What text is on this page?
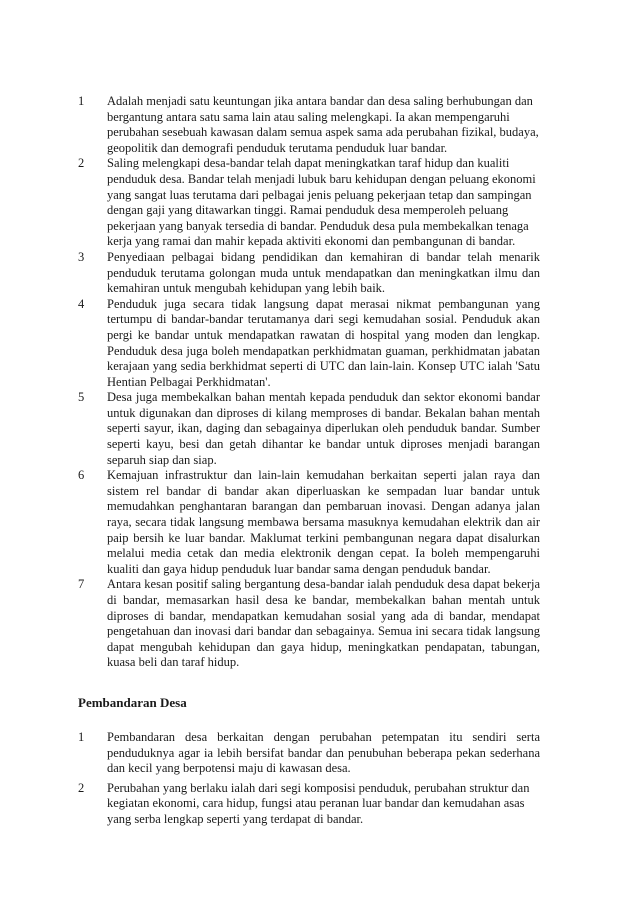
1	Adalah menjadi satu keuntungan jika antara bandar dan desa saling berhubungan dan bergantung antara satu sama lain atau saling melengkapi. Ia akan mempengaruhi perubahan sesebuah kawasan dalam semua aspek sama ada perubahan fizikal, budaya, geopolitik dan demografi penduduk terutama penduduk luar bandar.
2	Saling melengkapi desa-bandar telah dapat meningkatkan taraf hidup dan kualiti penduduk desa. Bandar telah menjadi lubuk baru kehidupan dengan peluang ekonomi yang sangat luas terutama dari pelbagai jenis peluang pekerjaan tetap dan sampingan dengan gaji yang ditawarkan tinggi. Ramai penduduk desa memperoleh peluang pekerjaan yang banyak tersedia di bandar. Penduduk desa pula membekalkan tenaga kerja yang ramai dan mahir kepada aktiviti ekonomi dan pembangunan di bandar.
3	Penyediaan pelbagai bidang pendidikan dan kemahiran di bandar telah menarik penduduk terutama golongan muda untuk mendapatkan dan meningkatkan ilmu dan kemahiran untuk mengubah kehidupan yang lebih baik.
4	Penduduk juga secara tidak langsung dapat merasai nikmat pembangunan yang tertumpu di bandar-bandar terutamanya dari segi kemudahan sosial. Penduduk akan pergi ke bandar untuk mendapatkan rawatan di hospital yang moden dan lengkap. Penduduk desa juga boleh mendapatkan perkhidmatan guaman, perkhidmatan jabatan kerajaan yang sedia berkhidmat seperti di UTC dan lain-lain. Konsep UTC ialah 'Satu Hentian Pelbagai Perkhidmatan'.
5	Desa juga membekalkan bahan mentah kepada penduduk dan sektor ekonomi bandar untuk digunakan dan diproses di kilang memproses di bandar. Bekalan bahan mentah seperti sayur, ikan, daging dan sebagainya diperlukan oleh penduduk bandar. Sumber seperti kayu, besi dan getah dihantar ke bandar untuk diproses menjadi barangan separuh siap dan siap.
6	Kemajuan infrastruktur dan lain-lain kemudahan berkaitan seperti jalan raya dan sistem rel bandar di bandar akan diperluaskan ke sempadan luar bandar untuk memudahkan penghantaran barangan dan pembaruan inovasi. Dengan adanya jalan raya, secara tidak langsung membawa bersama masuknya kemudahan elektrik dan air paip bersih ke luar bandar. Maklumat terkini pembangunan negara dapat disalurkan melalui media cetak dan media elektronik dengan cepat. Ia boleh mempengaruhi kualiti dan gaya hidup penduduk luar bandar sama dengan penduduk bandar.
7	Antara kesan positif saling bergantung desa-bandar ialah penduduk desa dapat bekerja di bandar, memasarkan hasil desa ke bandar, membekalkan bahan mentah untuk diproses di bandar, mendapatkan kemudahan sosial yang ada di bandar, mendapat pengetahuan dan inovasi dari bandar dan sebagainya. Semua ini secara tidak langsung dapat mengubah kehidupan dan gaya hidup, meningkatkan pendapatan, tabungan, kuasa beli dan taraf hidup.
Pembandaran Desa
1	Pembandaran desa berkaitan dengan perubahan petempatan itu sendiri serta penduduknya agar ia lebih bersifat bandar dan penubuhan beberapa pekan sederhana dan kecil yang berpotensi maju di kawasan desa.
2	Perubahan yang berlaku ialah dari segi komposisi penduduk, perubahan struktur dan kegiatan ekonomi, cara hidup, fungsi atau peranan luar bandar dan kemudahan asas yang serba lengkap seperti yang terdapat di bandar.
